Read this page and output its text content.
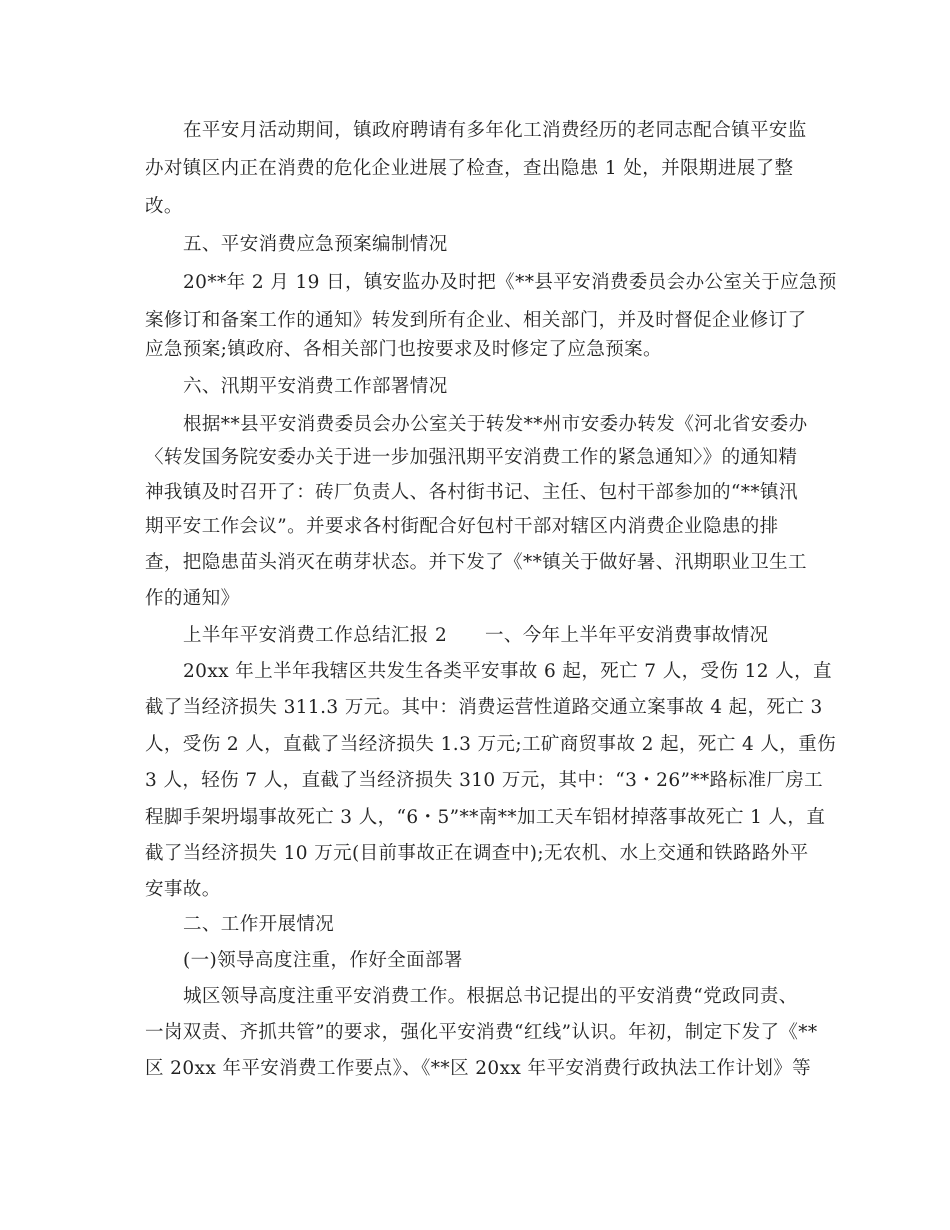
在平安月活动期间，镇政府聘请有多年化工消费经历的老同志配合镇平安监
办对镇区内正在消费的危化企业进展了检查，查出隐患 1 处，并限期进展了整
改。
五、平安消费应急预案编制情况
20**年 2 月 19 日，镇安监办及时把《**县平安消费委员会办公室关于应急预
案修订和备案工作的通知》转发到所有企业、相关部门，并及时督促企业修订了
应急预案;镇政府、各相关部门也按要求及时修定了应急预案。
六、汛期平安消费工作部署情况
根据**县平安消费委员会办公室关于转发**州市安委办转发《河北省安委办
〈转发国务院安委办关于进一步加强汛期平安消费工作的紧急通知〉》的通知精
神我镇及时召开了：砖厂负责人、各村街书记、主任、包村干部参加的“**镇汛
期平安工作会议”。并要求各村街配合好包村干部对辖区内消费企业隐患的排
查，把隐患苗头消灭在萌芽状态。并下发了《**镇关于做好暑、汛期职业卫生工
作的通知》
上半年平安消费工作总结汇报 2　　一、今年上半年平安消费事故情况
20xx 年上半年我辖区共发生各类平安事故 6 起，死亡 7 人，受伤 12 人，直
截了当经济损失 311.3 万元。其中：消费运营性道路交通立案事故 4 起，死亡 3
人，受伤 2 人，直截了当经济损失 1.3 万元;工矿商贸事故 2 起，死亡 4 人，重伤
3 人，轻伤 7 人，直截了当经济损失 310 万元，其中：“3・26”**路标准厂房工
程脚手架坍塌事故死亡 3 人，“6・5”**南**加工天车铝材掉落事故死亡 1 人，直
截了当经济损失 10 万元(目前事故正在调查中);无农机、水上交通和铁路路外平
安事故。
二、工作开展情况
(一)领导高度注重，作好全面部署
城区领导高度注重平安消费工作。根据总书记提出的平安消费“党政同责、
一岗双责、齐抓共管”的要求，强化平安消费“红线”认识。年初，制定下发了《**
区 20xx 年平安消费工作要点》、《**区 20xx 年平安消费行政执法工作计划》等
